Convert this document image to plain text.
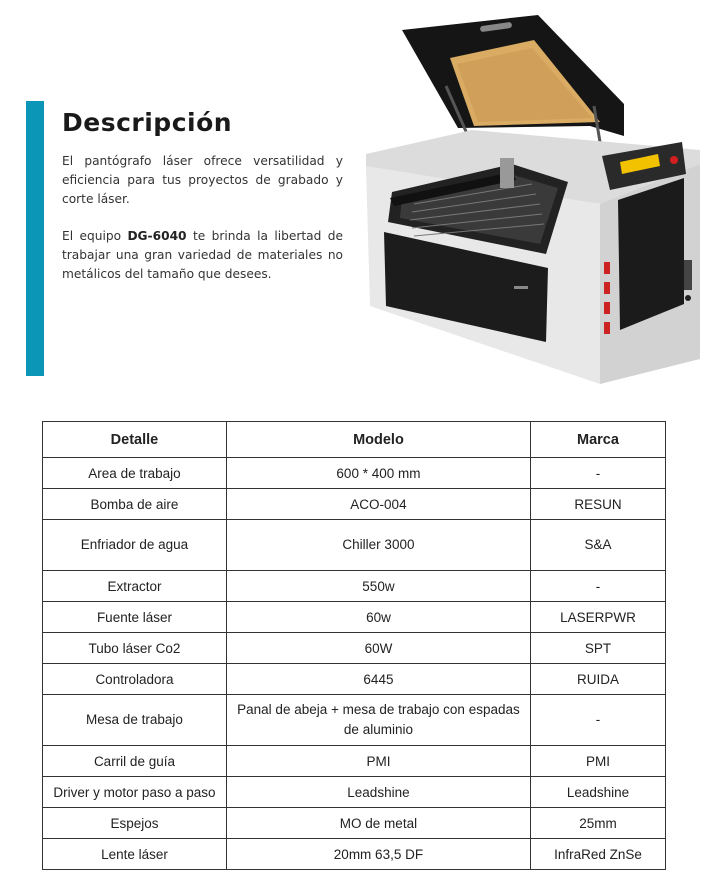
Descripción

El pantógrafo láser ofrece versatilidad y eficiencia para tus proyectos de grabado y corte láser.

El equipo DG-6040 te brinda la libertad de trabajar una gran variedad de materiales no metálicos del tamaño que desees.

Detalle	Modelo	Marca
Area de trabajo	600 * 400 mm	-
Bomba de aire	ACO-004	RESUN
Enfriador de agua	Chiller 3000	S&A
Extractor	550w	-
Fuente láser	60w	LASERPWR
Tubo láser Co2	60W	SPT
Controladora	6445	RUIDA
Mesa de trabajo	Panal de abeja + mesa de trabajo con espadas de aluminio	-
Carril de guía	PMI	PMI
Driver y motor paso a paso	Leadshine	Leadshine
Espejos	MO de metal	25mm
Lente láser	20mm 63,5 DF	InfraRed ZnSe
